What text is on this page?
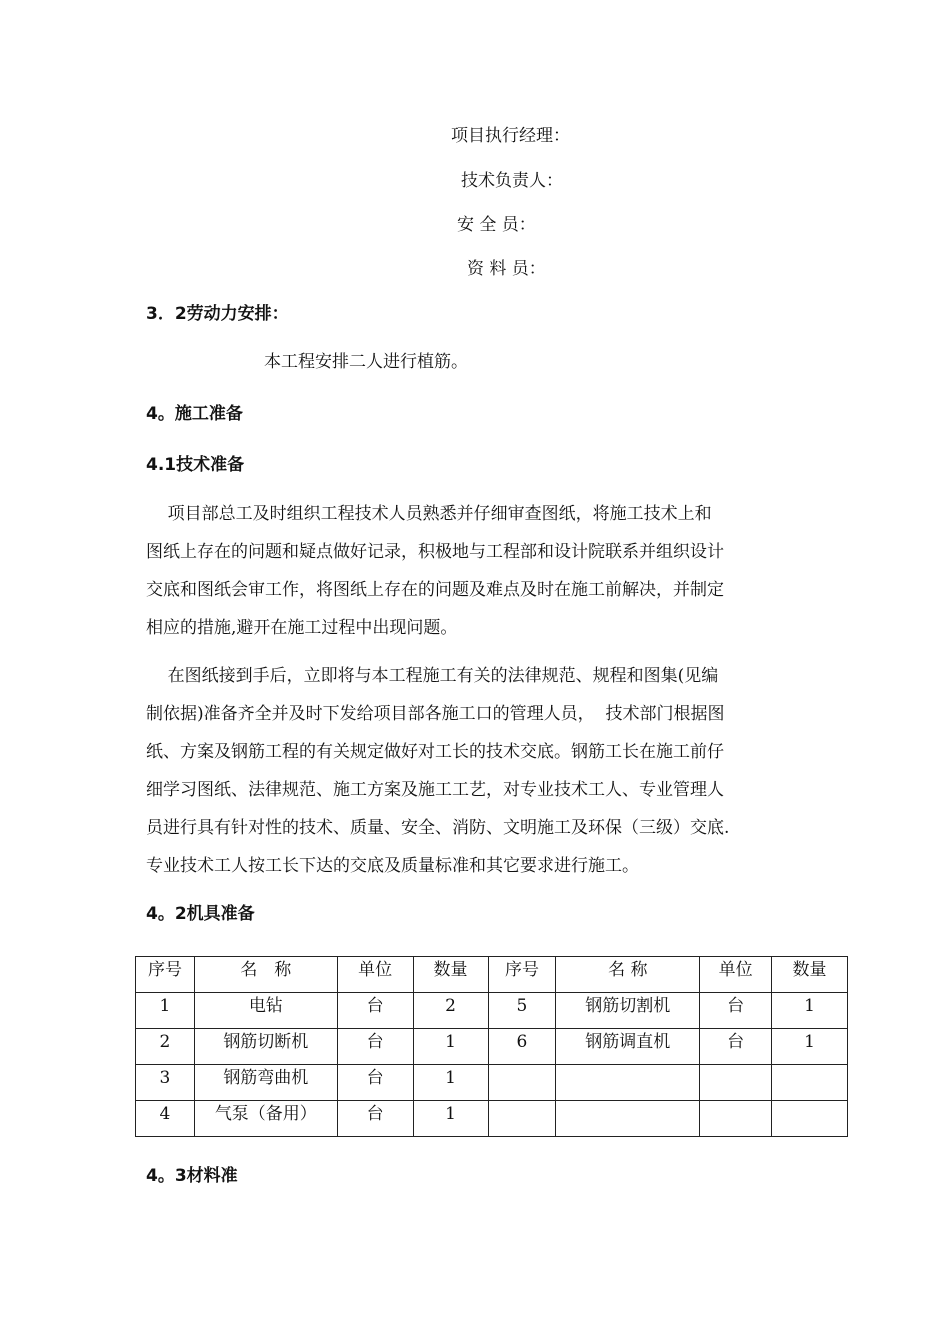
项目执行经理：
技术负责人：
安 全 员：
资 料 员：
3．2劳动力安排：
本工程安排二人进行植筋。
4。施工准备
4.1技术准备
项目部总工及时组织工程技术人员熟悉并仔细审查图纸，将施工技术上和
图纸上存在的问题和疑点做好记录，积极地与工程部和设计院联系并组织设计
交底和图纸会审工作，将图纸上存在的问题及难点及时在施工前解决，并制定
相应的措施,避开在施工过程中出现问题。
在图纸接到手后，立即将与本工程施工有关的法律规范、规程和图集(见编
制依据)准备齐全并及时下发给项目部各施工口的管理人员，  技术部门根据图
纸、方案及钢筋工程的有关规定做好对工长的技术交底。钢筋工长在施工前仔
细学习图纸、法律规范、施工方案及施工工艺，对专业技术工人、专业管理人
员进行具有针对性的技术、质量、安全、消防、文明施工及环保（三级）交底.
专业技术工人按工长下达的交底及质量标准和其它要求进行施工。
4。2机具准备
序号	名　称	单位	数量	序号	名 称	单位	数量
1	电钻	台	2	5	钢筋切割机	台	1
2	钢筋切断机	台	1	6	钢筋调直机	台	1
3	钢筋弯曲机	台	1				
4	气泵（备用）	台	1				
4。3材料准
